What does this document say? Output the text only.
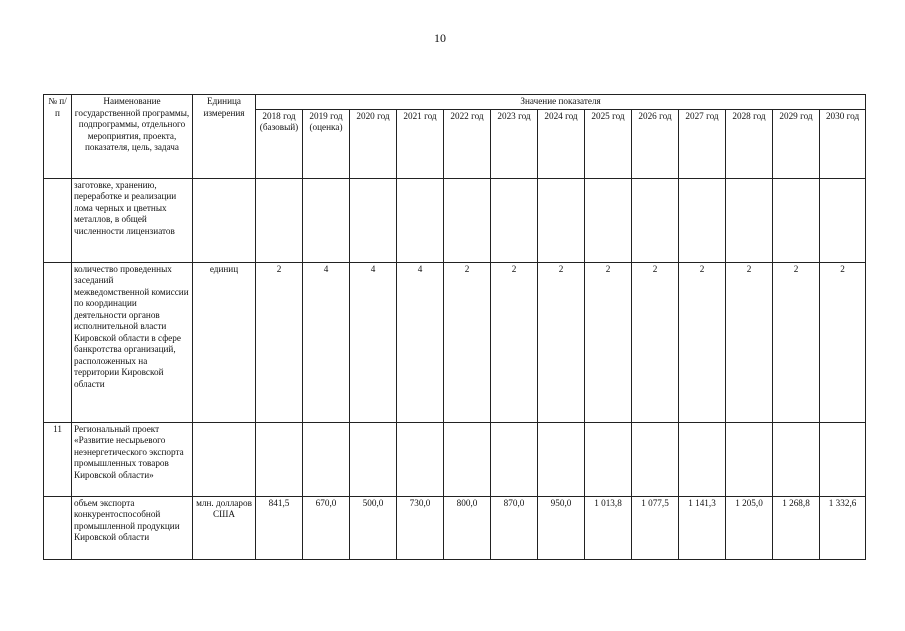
10
№ п/п	Наименование государственной программы, подпрограммы, отдельного мероприятия, проекта, показателя, цель, задача	Единица измерения	Значение показателя												
			2018 год (базовый)	2019 год (оценка)	2020 год	2021 год	2022 год	2023 год	2024 год	2025 год	2026 год	2027 год	2028 год	2029 год	2030 год
	заготовке, хранению, переработке и реализации лома черных и цветных металлов, в общей численности лицензиатов														
	количество проведенных заседаний межведомственной комиссии по координации деятельности органов исполнительной власти Кировской области в сфере банкротства организаций, расположенных на территории Кировской области	единиц	2	4	4	4	2	2	2	2	2	2	2	2	2
11	Региональный проект «Развитие несырьевого неэнергетического экспорта промышленных товаров Кировской области»														
	объем экспорта конкурентоспособной промышленной продукции Кировской области	млн. долларов США	841,5	670,0	500,0	730,0	800,0	870,0	950,0	1 013,8	1 077,5	1 141,3	1 205,0	1 268,8	1 332,6
